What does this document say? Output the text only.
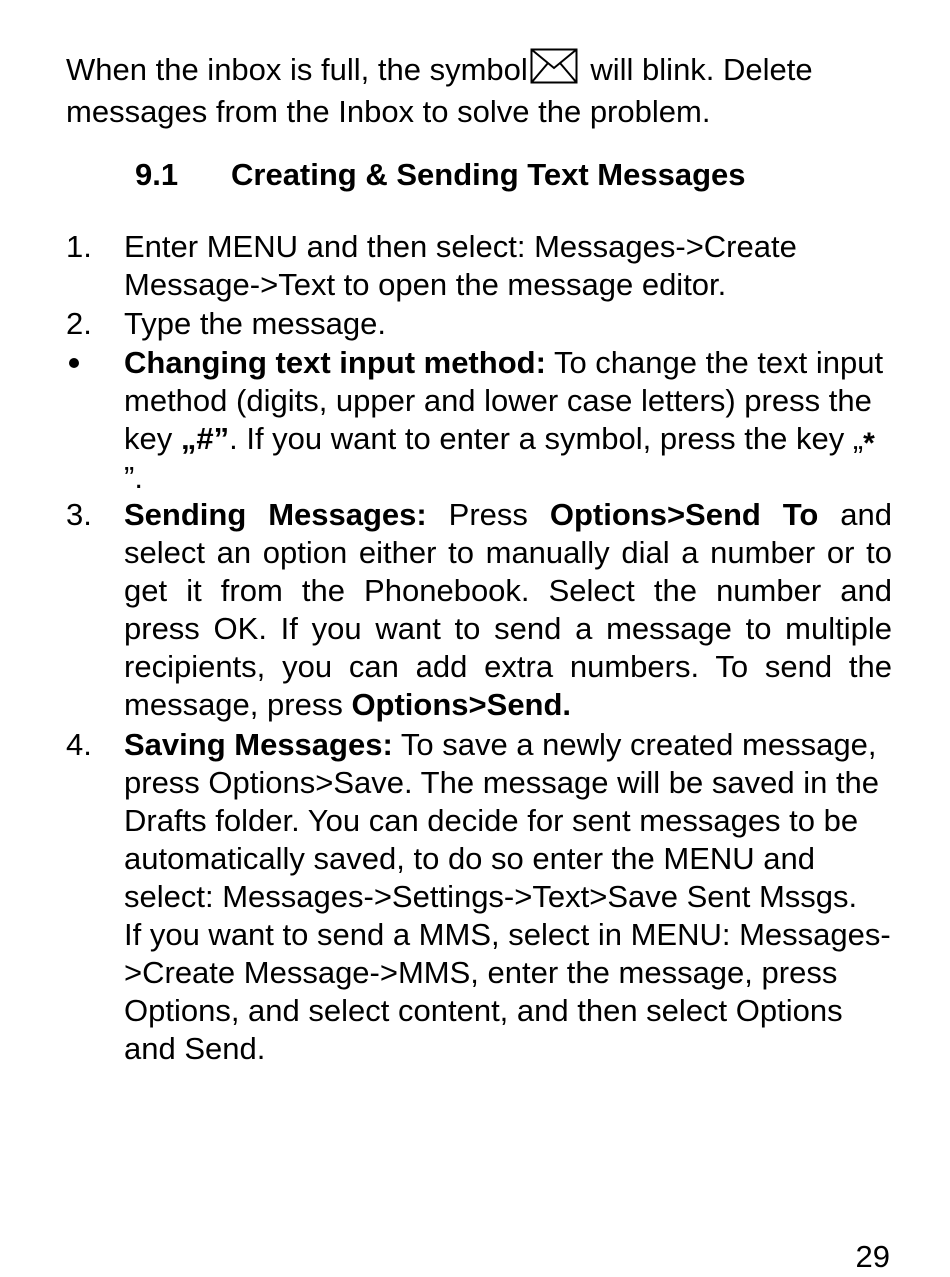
When the inbox is full, the symbol will blink. Delete messages from the Inbox to solve the problem.

9.1 Creating & Sending Text Messages
1. Enter MENU and then select: Messages->Create Message->Text to open the message editor.
2. Type the message.
Changing text input method: To change the text input method (digits, upper and lower case letters) press the key „#”. If you want to enter a symbol, press the key „*”.
3. Sending Messages: Press Options>Send To and select an option either to manually dial a number or to get it from the Phonebook. Select the number and press OK. If you want to send a message to multiple recipients, you can add extra numbers. To send the message, press Options>Send.
4. Saving Messages: To save a newly created message, press Options>Save. The message will be saved in the Drafts folder. You can decide for sent messages to be automatically saved, to do so enter the MENU and select: Messages->Settings->Text>Save Sent Mssgs.
If you want to send a MMS, select in MENU: Messages->Create Message->MMS, enter the message, press Options, and select content, and then select Options and Send.
29
